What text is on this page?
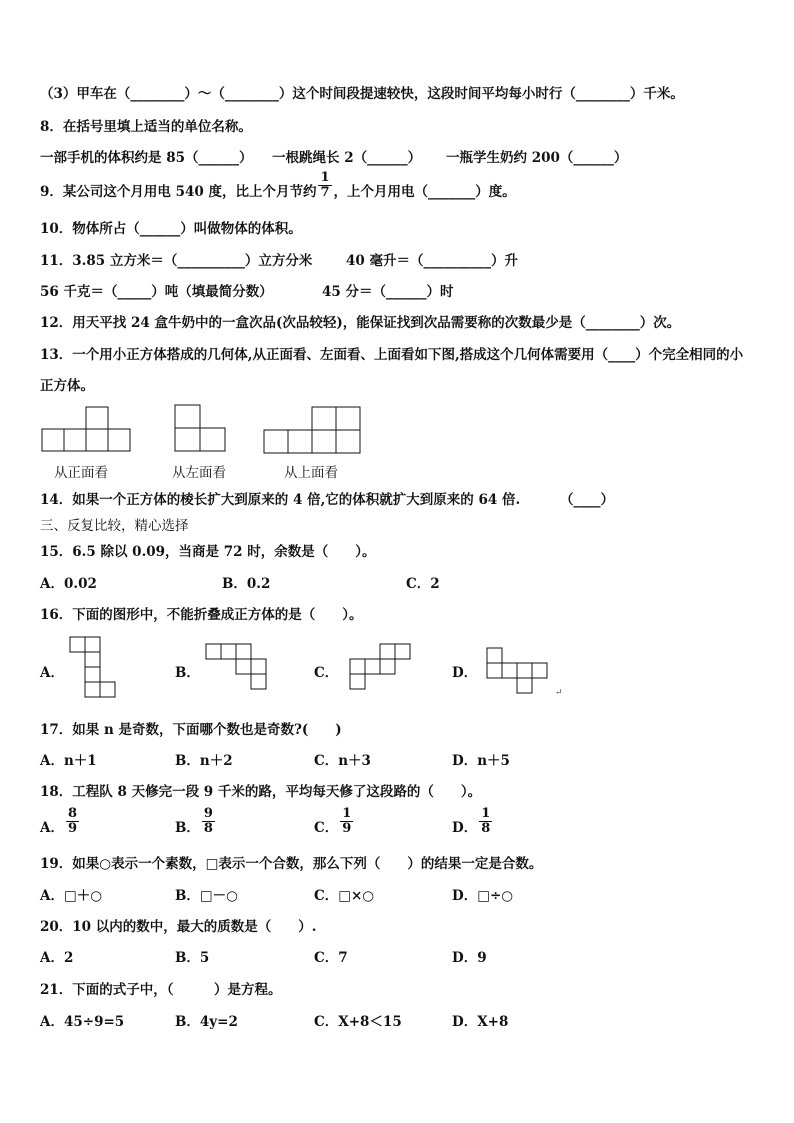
（3）甲车在（________）～（________）这个时间段提速较快，这段时间平均每小时行（________）千米。
8．在括号里填上适当的单位名称。
一部手机的体积约是 85（______） 一根跳绳长 2（______） 一瓶学生奶约 200（______）
9．某公司这个月用电 540 度，比上个月节约 $\frac{1}{7}$ ，上个月用电（_______）度。
10．物体所占（______）叫做物体的体积。
11．3.85 立方米＝（__________）立方分米 40 毫升＝（__________）升
56 千克＝（_____）吨（填最简分数）	45 分＝（______）时
12．用天平找 24 盒牛奶中的一盒次品(次品较轻)，能保证找到次品需要称的次数最少是（________）次。
13．一个用小正方体搭成的几何体,从正面看、左面看、上面看如下图,搭成这个几何体需要用（____）个完全相同的小
正方体。
从正面看	从左面看	从上面看
14．如果一个正方体的棱长扩大到原来的 4 倍,它的体积就扩大到原来的 64 倍.	（____）
三、反复比较，精心选择
15．6.5 除以 0.09，当商是 72 时，余数是（　　）。
A．0.02	B．0.2	C．2
16．下面的图形中，不能折叠成正方体的是（　　）。
A．	B．	C．	D．
↵
17．如果 n 是奇数，下面哪个数也是奇数?(　　)
A．n＋1	B．n＋2	C．n＋3	D．n＋5
18．工程队 8 天修完一段 9 千米的路，平均每天修了这段路的（　　）。
A． $\frac{8}{9}$	B． $\frac{9}{8}$	C． $\frac{1}{9}$	D． $\frac{1}{8}$
19．如果○表示一个素数，□表示一个合数，那么下列（　　）的结果一定是合数。
A．□＋○	B．□－○	C．□×○	D．□÷○
20．10 以内的数中，最大的质数是（　　）.
A．2	B．5	C．7	D．9
21．下面的式子中，（　　　）是方程。
A．45÷9=5	B．4y=2	C．X+8＜15	D．X+8
